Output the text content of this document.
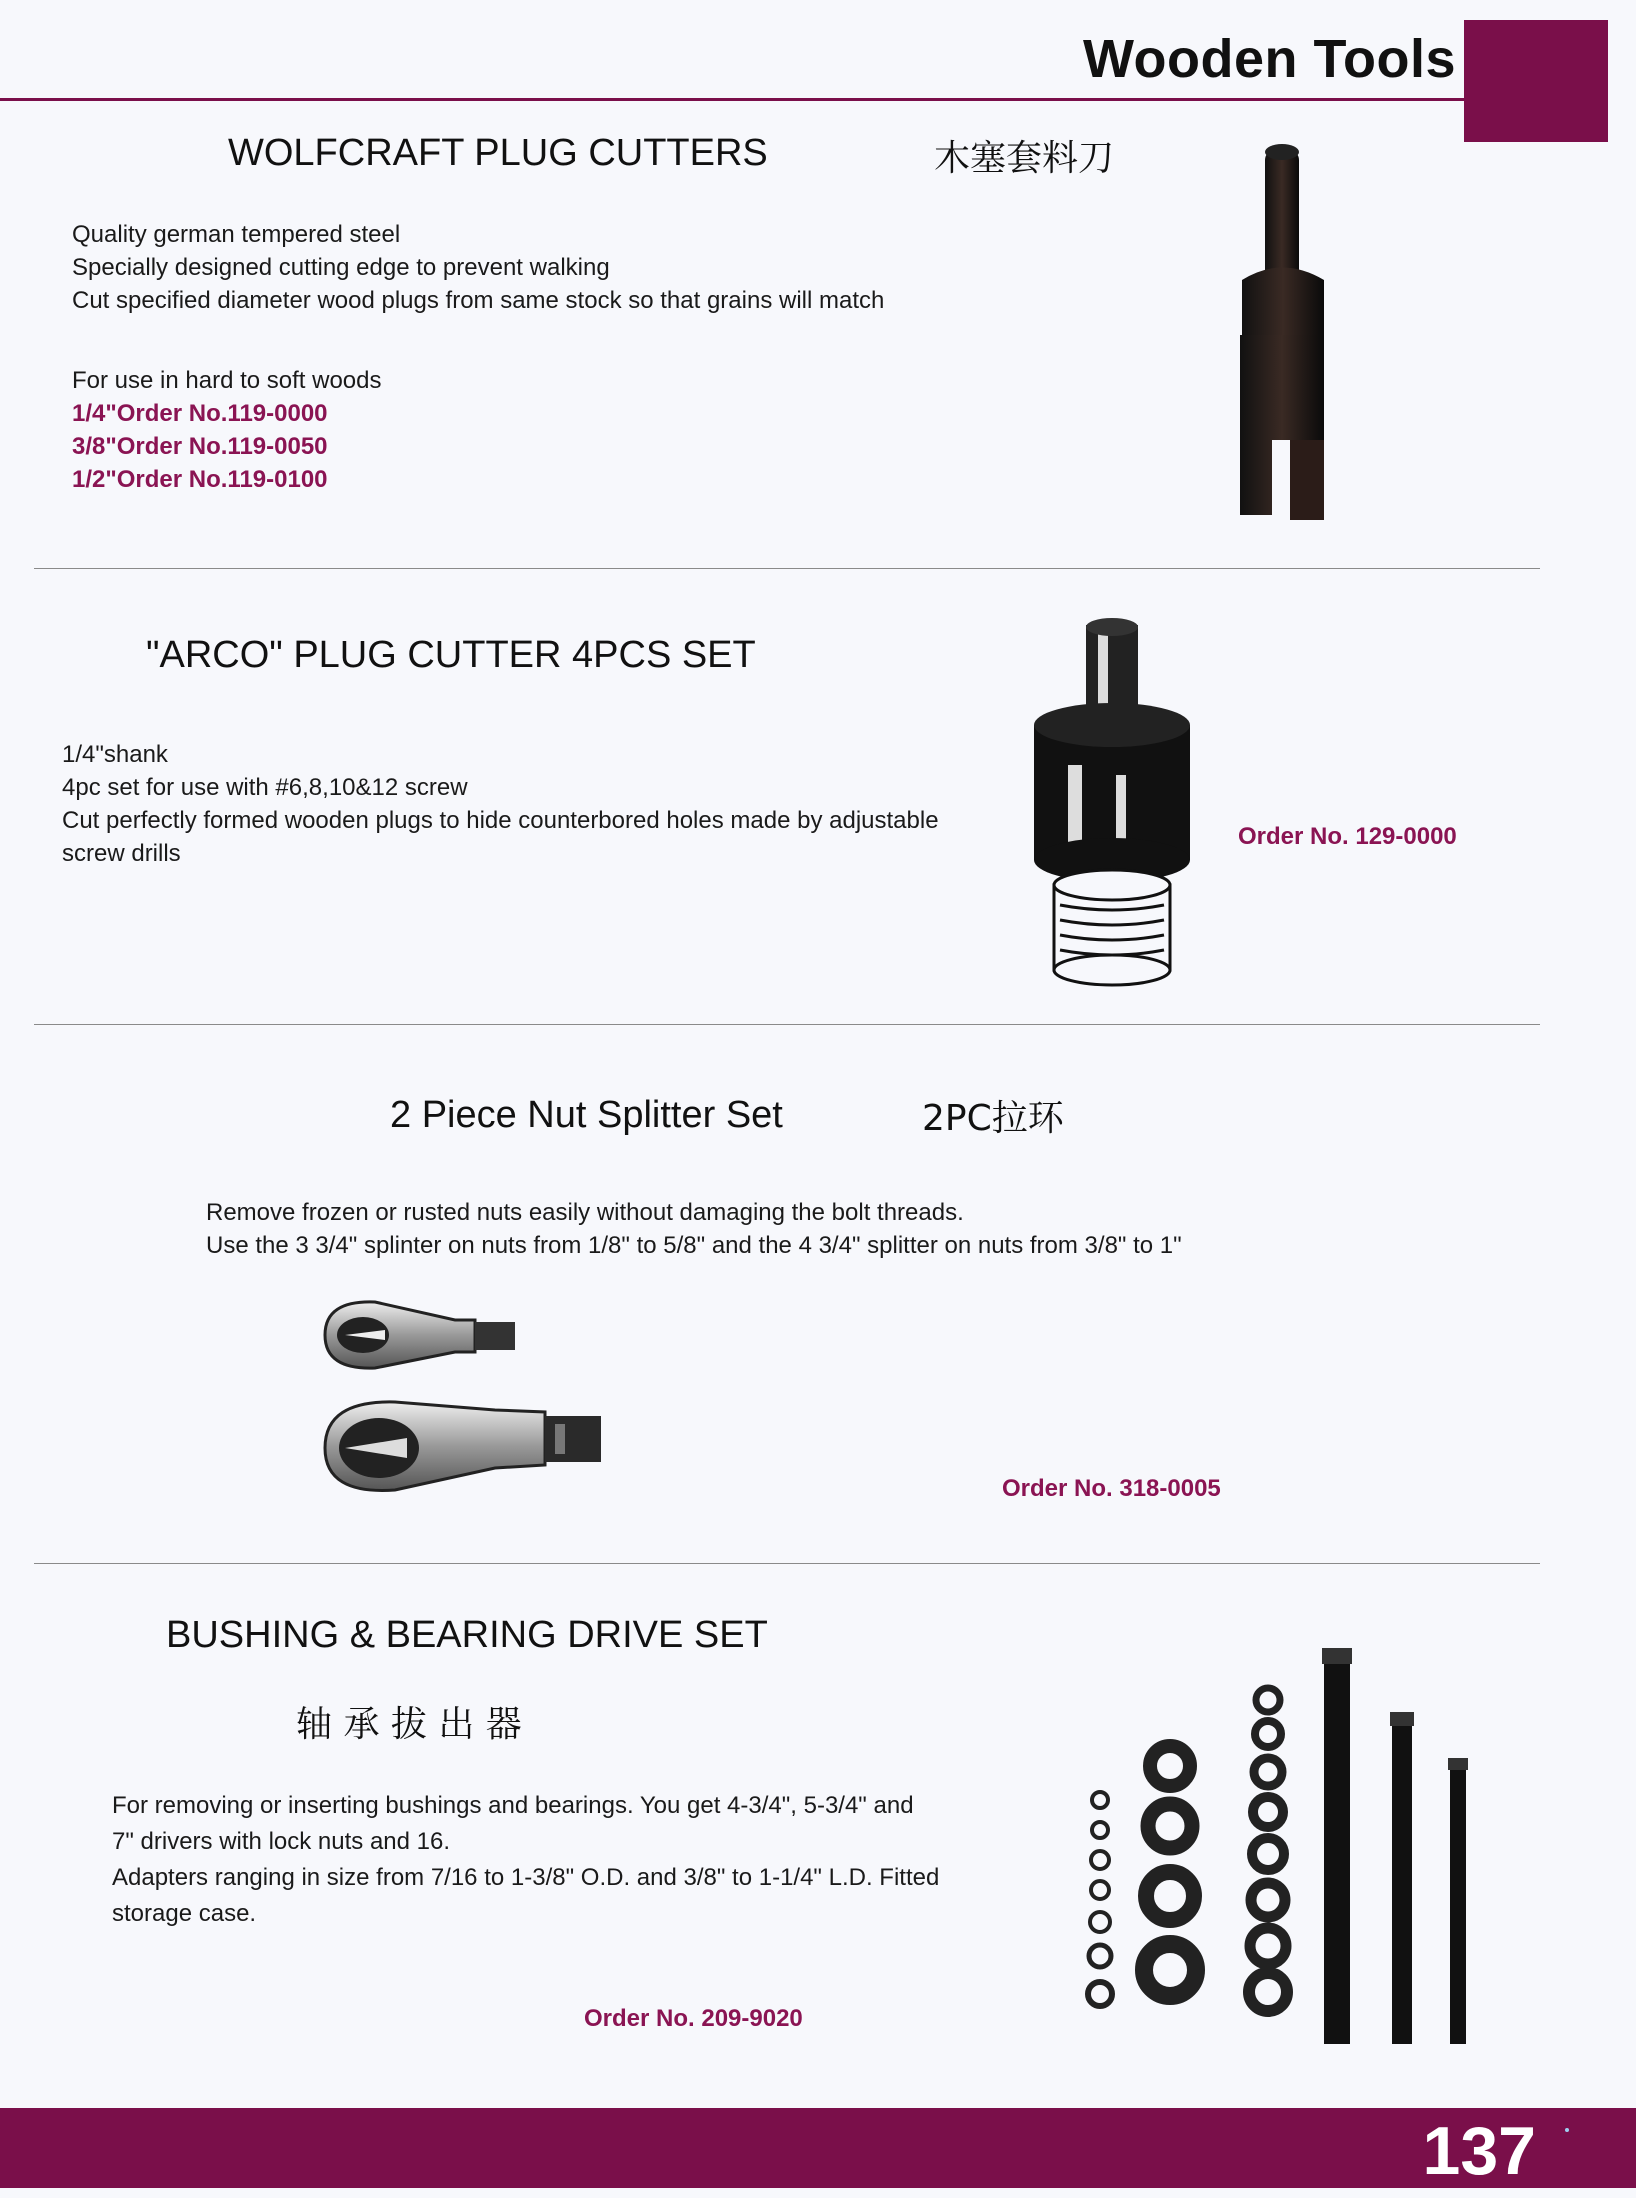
Wooden Tools
WOLFCRAFT PLUG CUTTERS	木塞套料刀
Quality german tempered steel
Specially designed cutting edge to prevent walking
Cut specified diameter wood plugs from same stock so that grains will match
For use in hard to soft woods
1/4"Order No.119-0000
3/8"Order No.119-0050
1/2"Order No.119-0100
"ARCO" PLUG CUTTER 4PCS SET
1/4"shank
4pc set for use with #6,8,10&12 screw
Cut perfectly formed wooden plugs to hide counterbored holes made by adjustable
screw drills
Order No. 129-0000
2 Piece Nut Splitter Set	2PC拉环
Remove frozen or rusted nuts easily without damaging the bolt threads.
Use the 3 3/4" splinter on nuts from 1/8" to 5/8" and the 4 3/4" splitter on nuts from 3/8" to 1"
Order No. 318-0005
BUSHING & BEARING DRIVE SET
轴 承 拔 出 器
For removing or inserting bushings and bearings. You get 4-3/4", 5-3/4" and
7" drivers with lock nuts and 16.
Adapters ranging in size from 7/16 to 1-3/8" O.D. and 3/8" to 1-1/4" L.D. Fitted
storage case.
Order No. 209-9020
137
